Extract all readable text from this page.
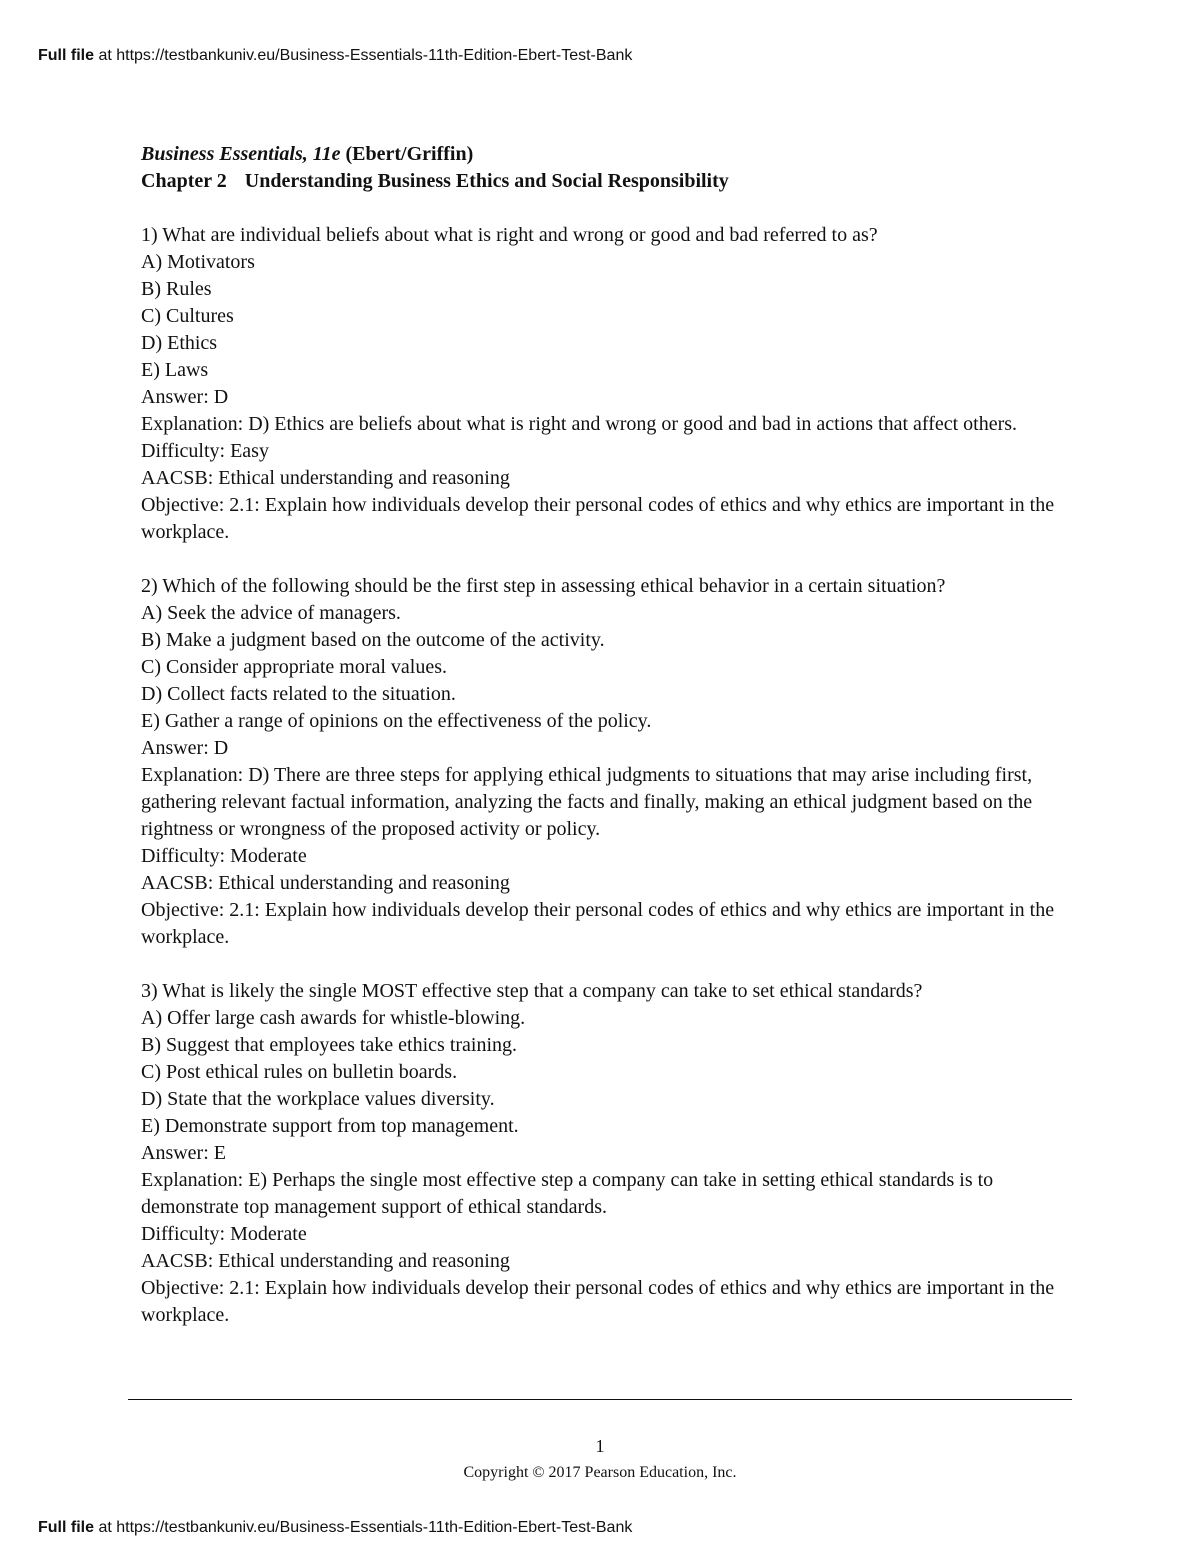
Full file at https://testbankuniv.eu/Business-Essentials-11th-Edition-Ebert-Test-Bank

Business Essentials, 11e (Ebert/Griffin)

Chapter 2 Understanding Business Ethics and Social Responsibility

1) What are individual beliefs about what is right and wrong or good and bad referred to as?

A) Motivators

B) Rules

C) Cultures

D) Ethics

E) Laws

Answer: D

Explanation: D) Ethics are beliefs about what is right and wrong or good and bad in actions that affect others.

Difficulty: Easy

AACSB: Ethical understanding and reasoning

Objective: 2.1: Explain how individuals develop their personal codes of ethics and why ethics are important in the workplace.

2) Which of the following should be the first step in assessing ethical behavior in a certain situation?

A) Seek the advice of managers.

B) Make a judgment based on the outcome of the activity.

C) Consider appropriate moral values.

D) Collect facts related to the situation.

E) Gather a range of opinions on the effectiveness of the policy.

Answer: D

Explanation: D) There are three steps for applying ethical judgments to situations that may arise including first, gathering relevant factual information, analyzing the facts and finally, making an ethical judgment based on the rightness or wrongness of the proposed activity or policy.

Difficulty: Moderate

AACSB: Ethical understanding and reasoning

Objective: 2.1: Explain how individuals develop their personal codes of ethics and why ethics are important in the workplace.

3) What is likely the single MOST effective step that a company can take to set ethical standards?

A) Offer large cash awards for whistle-blowing.

B) Suggest that employees take ethics training.

C) Post ethical rules on bulletin boards.

D) State that the workplace values diversity.

E) Demonstrate support from top management.

Answer: E

Explanation: E) Perhaps the single most effective step a company can take in setting ethical standards is to demonstrate top management support of ethical standards.

Difficulty: Moderate

AACSB: Ethical understanding and reasoning

Objective: 2.1: Explain how individuals develop their personal codes of ethics and why ethics are important in the workplace.

1
Copyright © 2017 Pearson Education, Inc.
Full file at https://testbankuniv.eu/Business-Essentials-11th-Edition-Ebert-Test-Bank
